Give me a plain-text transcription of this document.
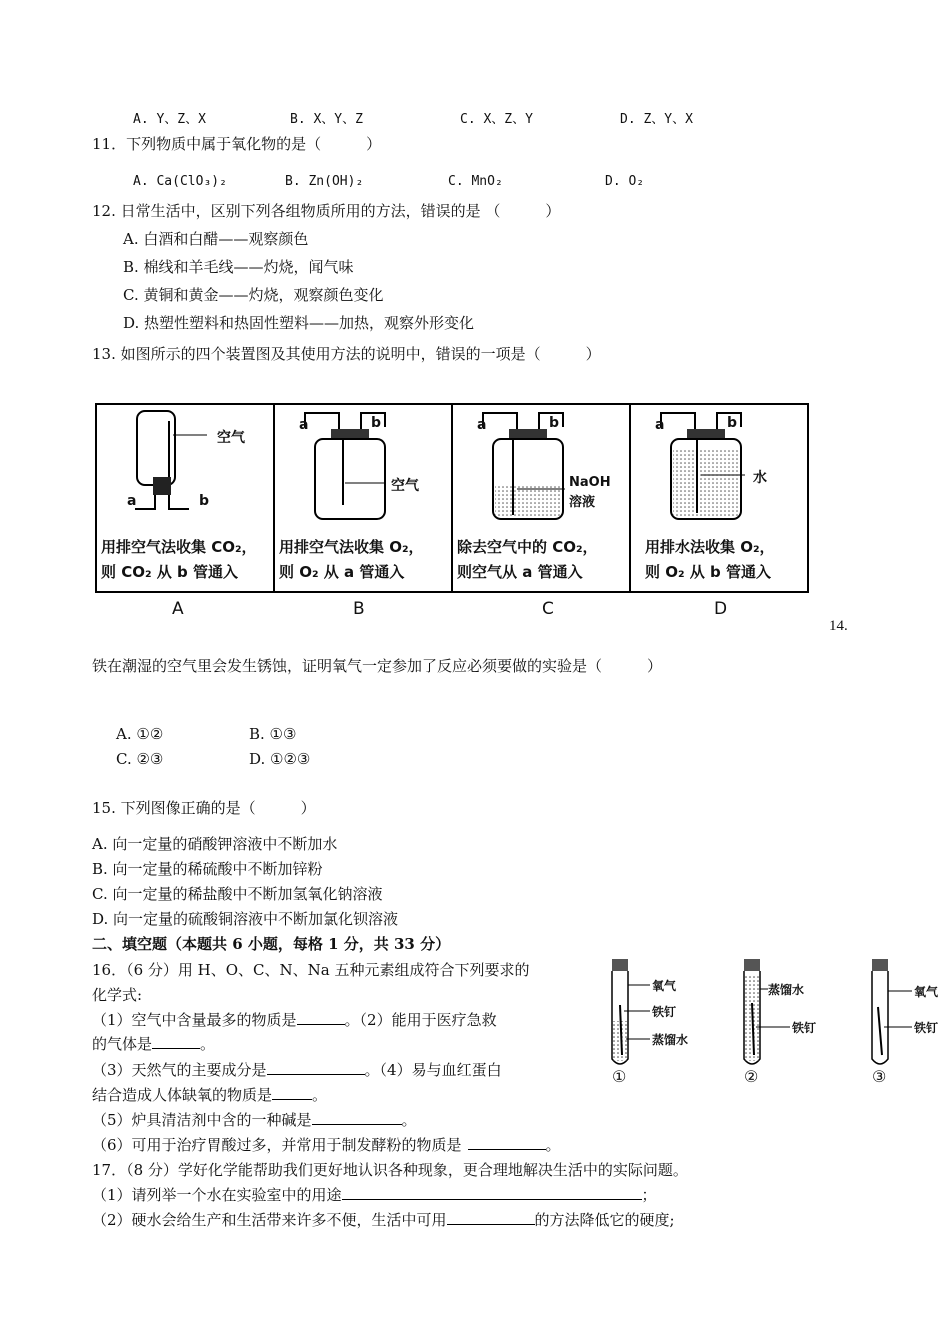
A. Y、Z、X	B. X、Y、Z	C. X、Z、Y	D. Z、Y、X
11．下列物质中属于氧化物的是（　　　）
A. Ca(ClO₃)₂	B. Zn(OH)₂	C. MnO₂	D. O₂
12. 日常生活中，区别下列各组物质所用的方法，错误的是 （　　　）
A. 白酒和白醋——观察颜色
B. 棉线和羊毛线——灼烧，闻气味
C. 黄铜和黄金——灼烧，观察颜色变化
D. 热塑性塑料和热固性塑料——加热，观察外形变化
13. 如图所示的四个装置图及其使用方法的说明中，错误的一项是（　　　）
空气
a	b
用排空气法收集 CO₂，
则 CO₂ 从 b 管通入
a	b
空气
用排空气法收集 O₂，
则 O₂ 从 a 管通入
a	b
NaOH
溶液
除去空气中的 CO₂，
则空气从 a 管通入
a	b
水
用排水法收集 O₂，
则 O₂ 从 b 管通入
A	B	C	D
14.
铁在潮湿的空气里会发生锈蚀，证明氧气一定参加了反应必须要做的实验是（　　　）
A. ①②	B. ①③
C. ②③	D. ①②③
15. 下列图像正确的是（　　　）
A. 向一定量的硝酸钾溶液中不断加水
B. 向一定量的稀硫酸中不断加锌粉
C. 向一定量的稀盐酸中不断加氢氧化钠溶液
D. 向一定量的硫酸铜溶液中不断加氯化钡溶液
二、填空题（本题共 6 小题，每格 1 分，共 33 分）
16．（6 分）用 H、O、C、N、Na 五种元素组成符合下列要求的
化学式:
（1）空气中含量最多的物质是	。（2）能用于医疗急救
的气体是	。
（3）天然气的主要成分是	。（4）易与血红蛋白
结合造成人体缺氧的物质是	。
（5）炉具清洁剂中含的一种碱是	。
（6）可用于治疗胃酸过多，并常用于制发酵粉的物质是	。
氧气
铁钉
蒸馏水
蒸馏水
铁钉
氧气
铁钉
①	②	③
17．（8 分）学好化学能帮助我们更好地认识各种现象，更合理地解决生活中的实际问题。
（1）请列举一个水在实验室中的用途	；
（2）硬水会给生产和生活带来许多不便，生活中可用	的方法降低它的硬度;
